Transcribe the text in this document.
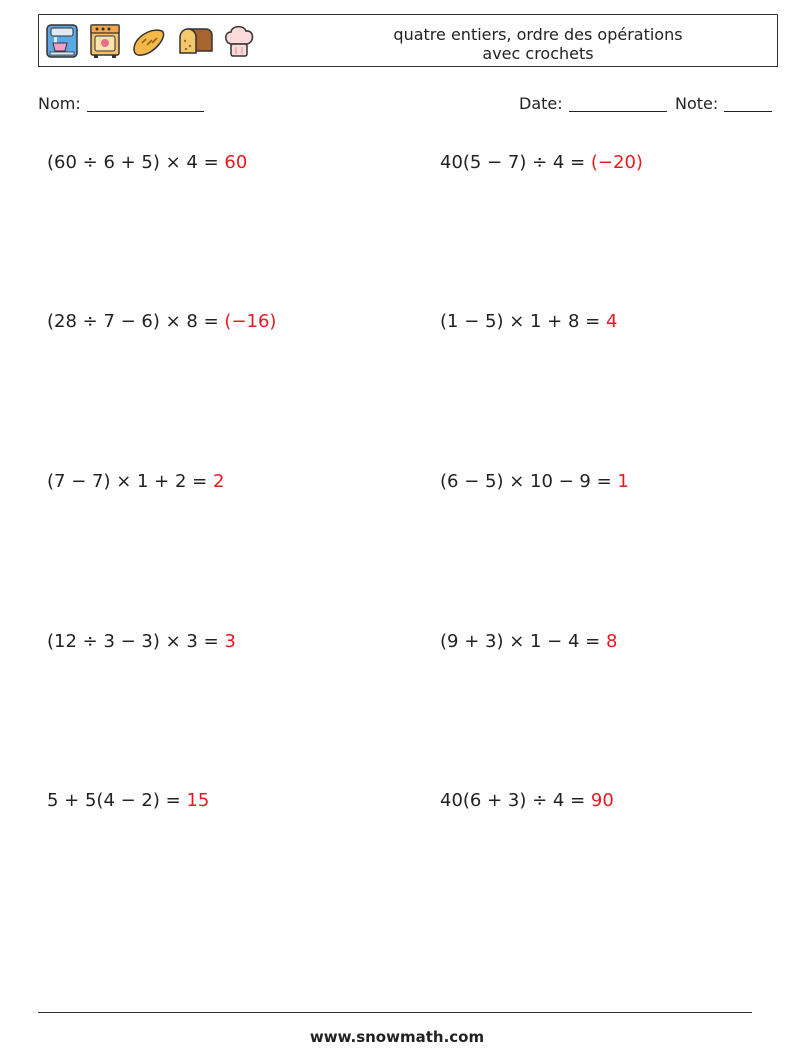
quatre entiers, ordre des opérations avec crochets
Nom:	Date:	Note:
(60 ÷ 6 + 5) × 4 = 60	40(5 − 7) ÷ 4 = (−20)
(28 ÷ 7 − 6) × 8 = (−16)	(1 − 5) × 1 + 8 = 4
(7 − 7) × 1 + 2 = 2	(6 − 5) × 10 − 9 = 1
(12 ÷ 3 − 3) × 3 = 3	(9 + 3) × 1 − 4 = 8
5 + 5(4 − 2) = 15	40(6 + 3) ÷ 4 = 90
www.snowmath.com
